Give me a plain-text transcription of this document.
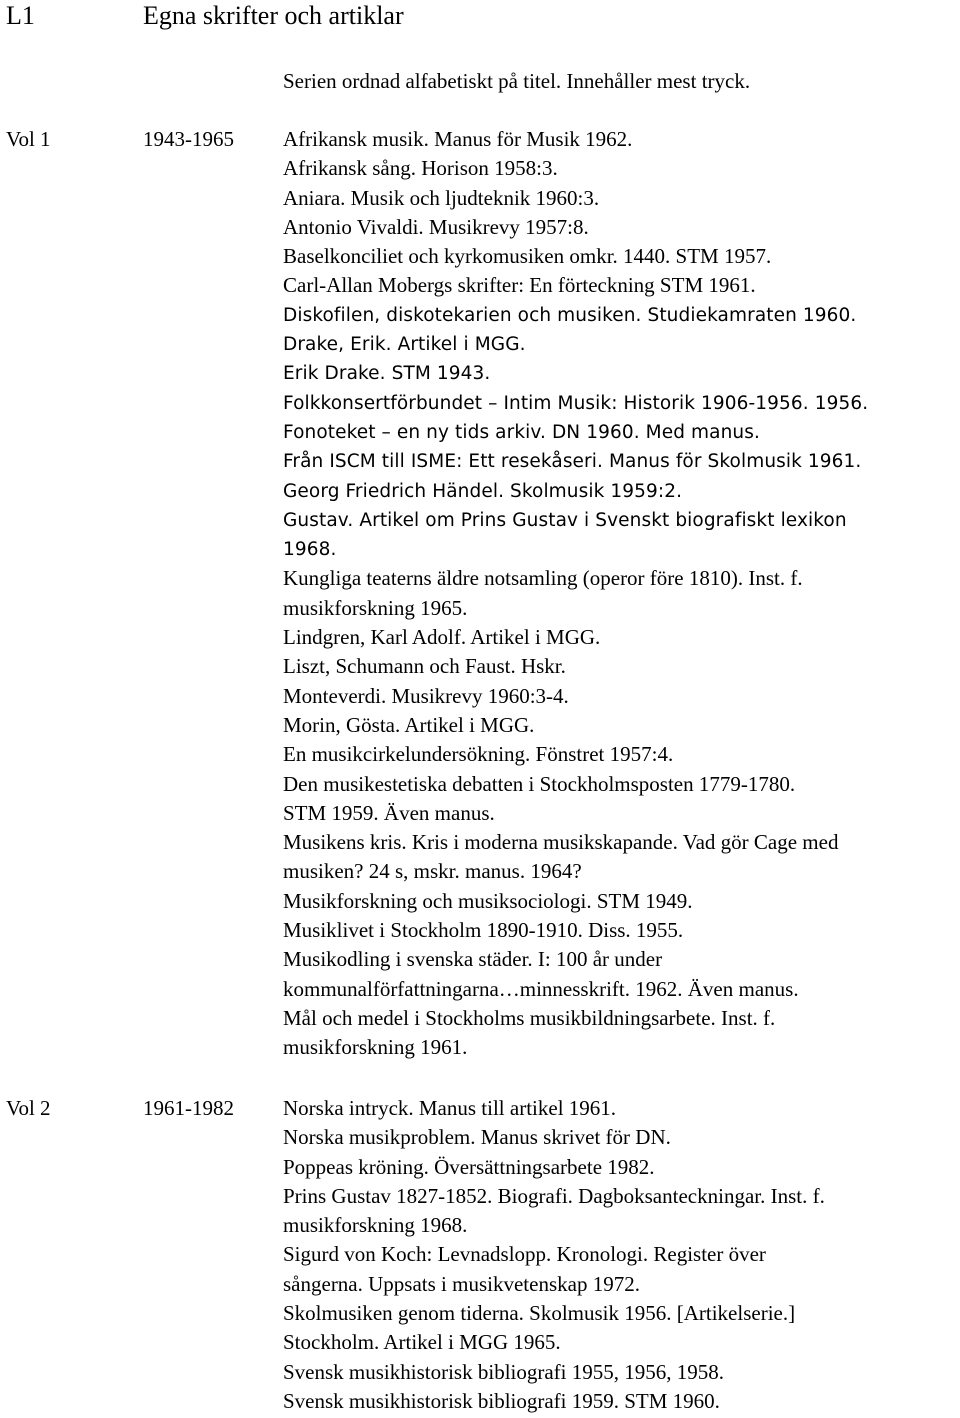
L1	Egna skrifter och artiklar
Serien ordnad alfabetiskt på titel. Innehåller mest tryck.
Vol 1	1943-1965 Afrikansk musik. Manus för Musik 1962.
Afrikansk sång. Horison 1958:3.
Aniara. Musik och ljudteknik 1960:3.
Antonio Vivaldi. Musikrevy 1957:8.
Baselkonciliet och kyrkomusiken omkr. 1440. STM 1957.
Carl-Allan Mobergs skrifter: En förteckning STM 1961.
Diskofilen, diskotekarien och musiken. Studiekamraten 1960.
Drake, Erik. Artikel i MGG.
Erik Drake. STM 1943.
Folkkonsertförbundet – Intim Musik: Historik 1906-1956. 1956.
Fonoteket – en ny tids arkiv. DN 1960. Med manus.
Från ISCM till ISME: Ett resekåseri. Manus för Skolmusik 1961.
Georg Friedrich Händel. Skolmusik 1959:2.
Gustav. Artikel om Prins Gustav i Svenskt biografiskt lexikon
1968.
Kungliga teaterns äldre notsamling (operor före 1810). Inst. f.
musikforskning 1965.
Lindgren, Karl Adolf. Artikel i MGG.
Liszt, Schumann och Faust. Hskr.
Monteverdi. Musikrevy 1960:3-4.
Morin, Gösta. Artikel i MGG.
En musikcirkelundersökning. Fönstret 1957:4.
Den musikestetiska debatten i Stockholmsposten 1779-1780.
STM 1959. Även manus.
Musikens kris. Kris i moderna musikskapande. Vad gör Cage med
musiken? 24 s, mskr. manus. 1964?
Musikforskning och musiksociologi. STM 1949.
Musiklivet i Stockholm 1890-1910. Diss. 1955.
Musikodling i svenska städer. I: 100 år under
kommunalförfattningarna…minnesskrift. 1962. Även manus.
Mål och medel i Stockholms musikbildningsarbete. Inst. f.
musikforskning 1961.
Vol 2	1961-1982 Norska intryck. Manus till artikel 1961.
Norska musikproblem. Manus skrivet för DN.
Poppeas kröning. Översättningsarbete 1982.
Prins Gustav 1827-1852. Biografi. Dagboksanteckningar. Inst. f.
musikforskning 1968.
Sigurd von Koch: Levnadslopp. Kronologi. Register över
sångerna. Uppsats i musikvetenskap 1972.
Skolmusiken genom tiderna. Skolmusik 1956. [Artikelserie.]
Stockholm. Artikel i MGG 1965.
Svensk musikhistorisk bibliografi 1955, 1956, 1958.
Svensk musikhistorisk bibliografi 1959. STM 1960.
